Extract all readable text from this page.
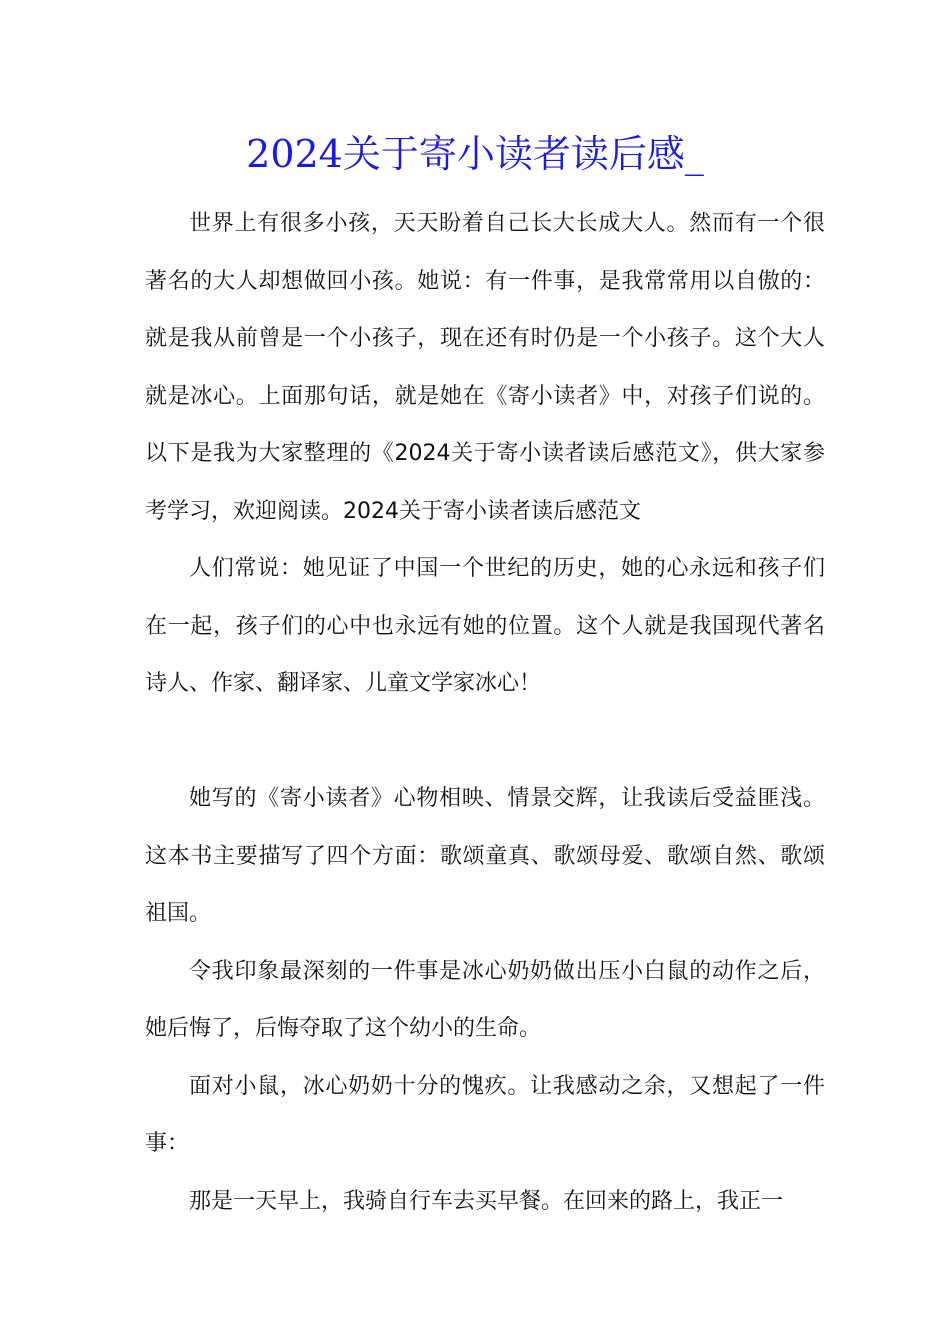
2024关于寄小读者读后感_

世界上有很多小孩，天天盼着自己长大长成大人。然而有一个很著名的大人却想做回小孩。她说：有一件事，是我常常用以自傲的：就是我从前曾是一个小孩子，现在还有时仍是一个小孩子。这个大人就是冰心。上面那句话，就是她在《寄小读者》中，对孩子们说的。以下是我为大家整理的《2024关于寄小读者读后感范文》，供大家参考学习，欢迎阅读。2024关于寄小读者读后感范文

人们常说：她见证了中国一个世纪的历史，她的心永远和孩子们在一起，孩子们的心中也永远有她的位置。这个人就是我国现代著名诗人、作家、翻译家、儿童文学家冰心！

她写的《寄小读者》心物相映、情景交辉，让我读后受益匪浅。这本书主要描写了四个方面：歌颂童真、歌颂母爱、歌颂自然、歌颂祖国。

令我印象最深刻的一件事是冰心奶奶做出压小白鼠的动作之后，她后悔了，后悔夺取了这个幼小的生命。

面对小鼠，冰心奶奶十分的愧疚。让我感动之余，又想起了一件事：

那是一天早上，我骑自行车去买早餐。在回来的路上，我正一
